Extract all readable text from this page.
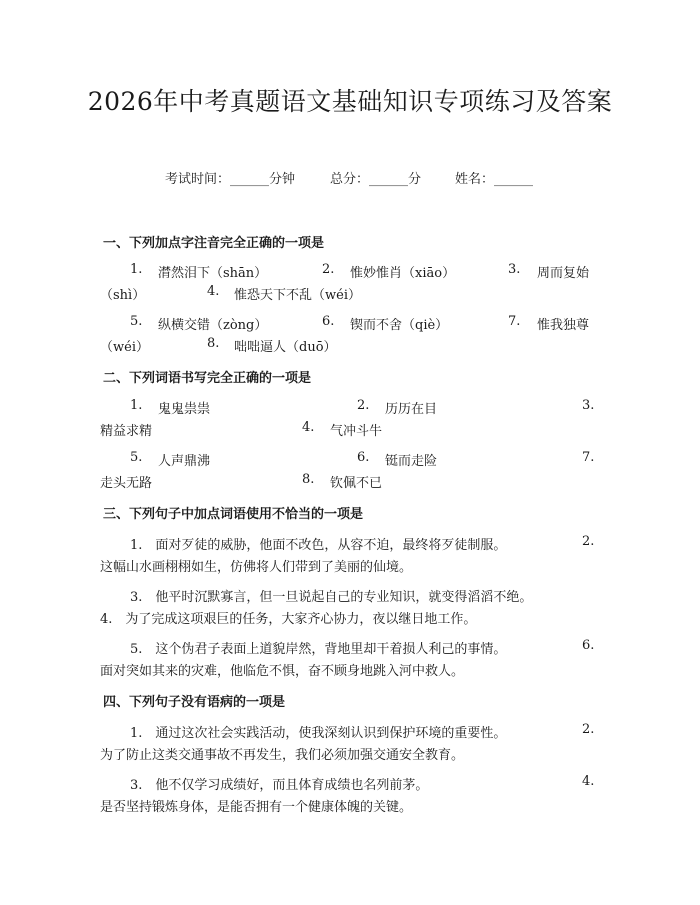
2026年中考真题语文基础知识专项练习及答案
考试时间：______分钟	总分：______分	姓名：______
一、下列加点字注音完全正确的一项是
1. 潸然泪下（shān）	2. 惟妙惟肖（xiāo）	3. 周而复始
（shì）	4. 惟恐天下不乱（wéi）
5. 纵横交错（zòng）	6. 锲而不舍（qiè）	7. 惟我独尊
（wéi）	8. 咄咄逼人（duō）
二、下列词语书写完全正确的一项是
1. 鬼鬼祟祟	2. 历历在目	3.
精益求精	4. 气冲斗牛
5. 人声鼎沸	6. 铤而走险	7.
走头无路	8. 钦佩不已
三、下列句子中加点词语使用不恰当的一项是
1.　面对歹徒的威胁，他面不改色，从容不迫，最终将歹徒制服。	2.
这幅山水画栩栩如生，仿佛将人们带到了美丽的仙境。
3.　他平时沉默寡言，但一旦说起自己的专业知识，就变得滔滔不绝。
4.　为了完成这项艰巨的任务，大家齐心协力，夜以继日地工作。
5.　这个伪君子表面上道貌岸然，背地里却干着损人利己的事情。	6.
面对突如其来的灾难，他临危不惧，奋不顾身地跳入河中救人。
四、下列句子没有语病的一项是
1.　通过这次社会实践活动，使我深刻认识到保护环境的重要性。	2.
为了防止这类交通事故不再发生，我们必须加强交通安全教育。
3.　他不仅学习成绩好，而且体育成绩也名列前茅。	4.
是否坚持锻炼身体，是能否拥有一个健康体魄的关键。
